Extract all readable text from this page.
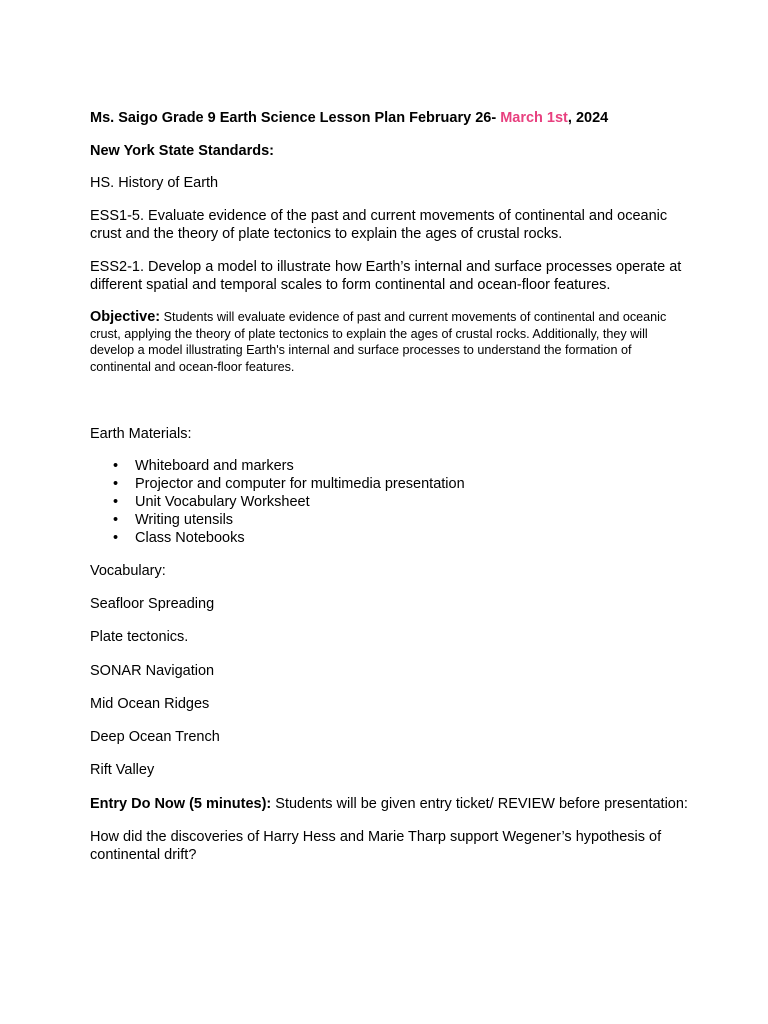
Ms. Saigo Grade 9 Earth Science Lesson Plan February 26- March 1st, 2024
New York State Standards:
HS. History of Earth
ESS1-5. Evaluate evidence of the past and current movements of continental and oceanic crust and the theory of plate tectonics to explain the ages of crustal rocks.
ESS2-1. Develop a model to illustrate how Earth’s internal and surface processes operate at different spatial and temporal scales to form continental and ocean-floor features.
Objective: Students will evaluate evidence of past and current movements of continental and oceanic crust, applying the theory of plate tectonics to explain the ages of crustal rocks. Additionally, they will develop a model illustrating Earth's internal and surface processes to understand the formation of continental and ocean-floor features.
Earth Materials:
• Whiteboard and markers
• Projector and computer for multimedia presentation
• Unit Vocabulary Worksheet
• Writing utensils
• Class Notebooks
Vocabulary:
Seafloor Spreading
Plate tectonics.
SONAR Navigation
Mid Ocean Ridges
Deep Ocean Trench
Rift Valley
Entry Do Now (5 minutes): Students will be given entry ticket/ REVIEW before presentation:
How did the discoveries of Harry Hess and Marie Tharp support Wegener’s hypothesis of continental drift?
